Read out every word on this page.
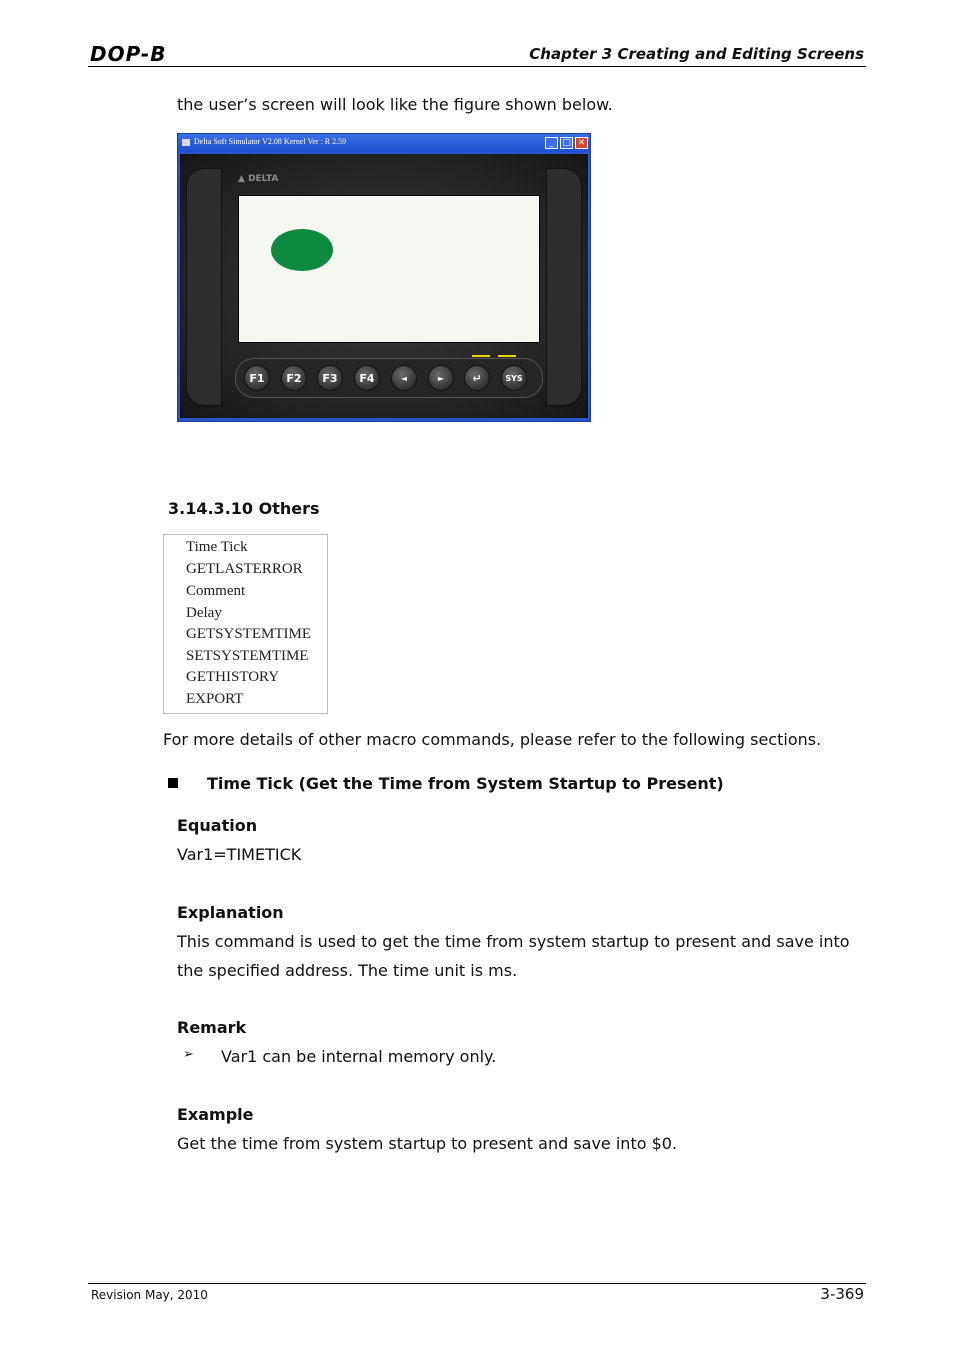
DOP-B	Chapter 3 Creating and Editing Screens
the user’s screen will look like the figure shown below.
Delta Soft Simulator V2.08 Kernel Ver : R 2.59	_ □ ✕
▲ DELTA
F1	F2	F3	F4	◄	►	↵	SYS
3.14.3.10 Others
Time Tick
GETLASTERROR
Comment
Delay
GETSYSTEMTIME
SETSYSTEMTIME
GETHISTORY
EXPORT
For more details of other macro commands, please refer to the following sections.
Time Tick (Get the Time from System Startup to Present)
Equation
Var1=TIMETICK
Explanation
This command is used to get the time from system startup to present and save into
the specified address. The time unit is ms.
Remark
➢ Var1 can be internal memory only.
Example
Get the time from system startup to present and save into $0.
Revision May, 2010	3-369
